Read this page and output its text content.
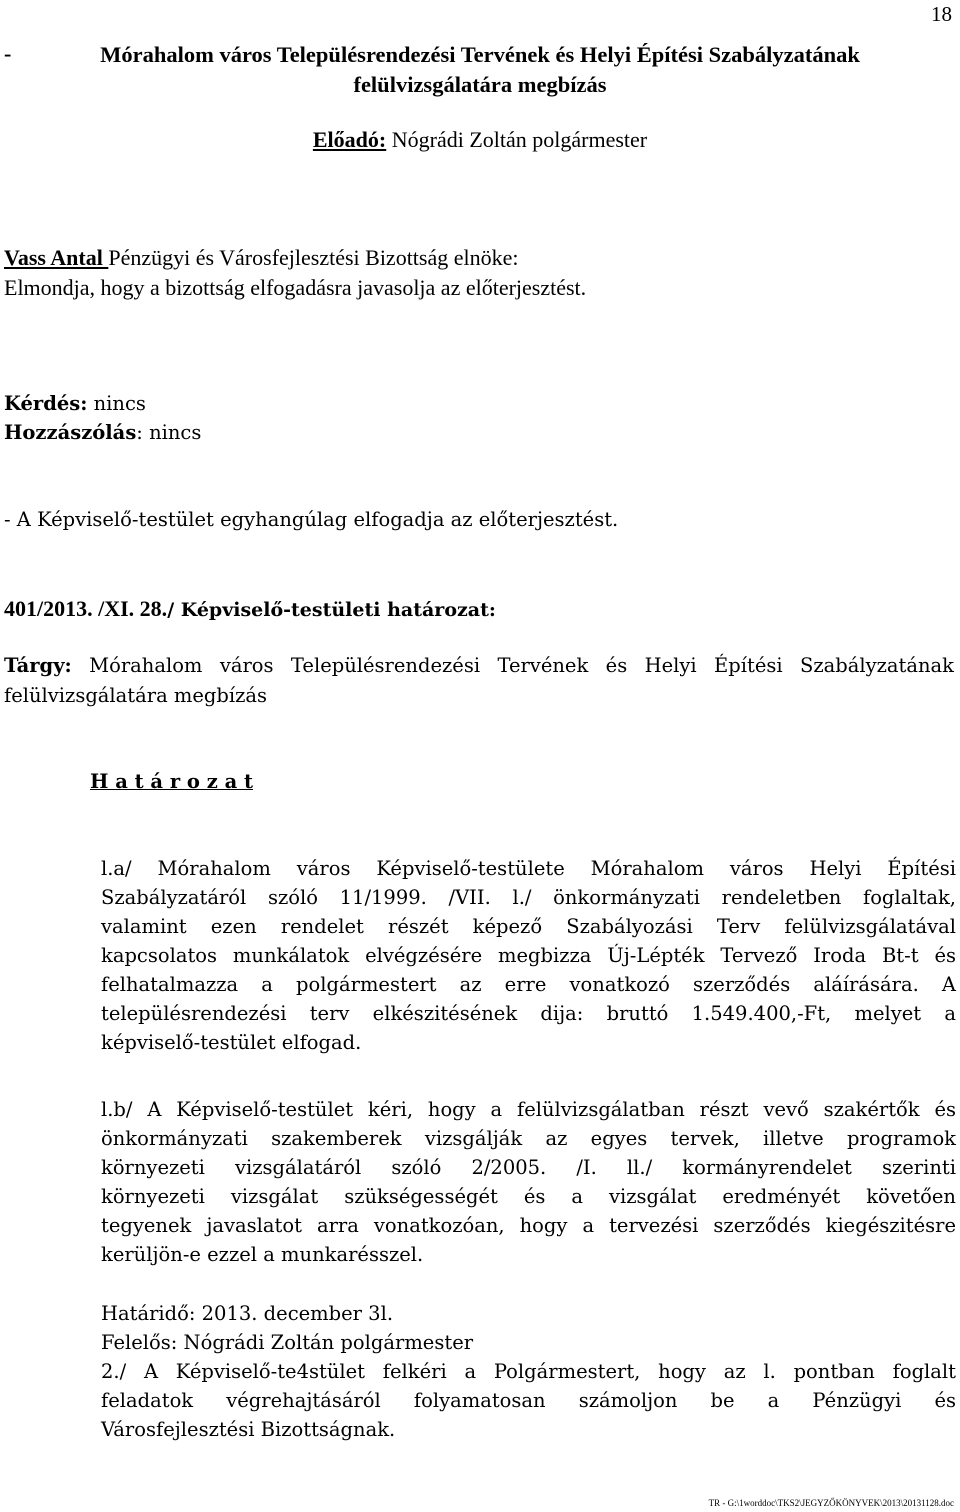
18
-	Mórahalom város Településrendezési Tervének és Helyi Építési Szabályzatának
felülvizsgálatára megbízás
Előadó: Nógrádi Zoltán polgármester
Vass Antal Pénzügyi és Városfejlesztési Bizottság elnöke:
Elmondja, hogy a bizottság elfogadásra javasolja az előterjesztést.
Kérdés: nincs
Hozzászólás: nincs
- A Képviselő-testület egyhangúlag elfogadja az előterjesztést.
401/2013. /XI. 28./ Képviselő-testületi határozat:
Tárgy: Mórahalom város Településrendezési Tervének és Helyi Építési Szabályzatának
felülvizsgálatára megbízás
H a t á r o z a t
l.a/ Mórahalom város Képviselő-testülete Mórahalom város Helyi Építési
Szabályzatáról szóló 11/1999. /VII. l./ önkormányzati rendeletben foglaltak,
valamint ezen rendelet részét képező Szabályozási Terv felülvizsgálatával
kapcsolatos munkálatok elvégzésére megbizza Új-Lépték Tervező Iroda Bt-t és
felhatalmazza a polgármestert az erre vonatkozó szerződés aláírására. A
településrendezési terv elkészitésének dija: bruttó 1.549.400,-Ft, melyet a
képviselő-testület elfogad.
l.b/ A Képviselő-testület kéri, hogy a felülvizsgálatban részt vevő szakértők és
önkormányzati szakemberek vizsgálják az egyes tervek, illetve programok
környezeti vizsgálatáról szóló 2/2005. /I. ll./ kormányrendelet szerinti
környezeti vizsgálat szükségességét és a vizsgálat eredményét követően
tegyenek javaslatot arra vonatkozóan, hogy a tervezési szerződés kiegészitésre
kerüljön-e ezzel a munkarésszel.
Határidő: 2013. december 3l.
Felelős: Nógrádi Zoltán polgármester
2./ A Képviselő-te4stület felkéri a Polgármestert, hogy az l. pontban foglalt
feladatok végrehajtásáról folyamatosan számoljon be a Pénzügyi és
Városfejlesztési Bizottságnak.
TR - G:\1worddoc\TKS2\JEGYZŐKÖNYVEK\2013\20131128.doc
